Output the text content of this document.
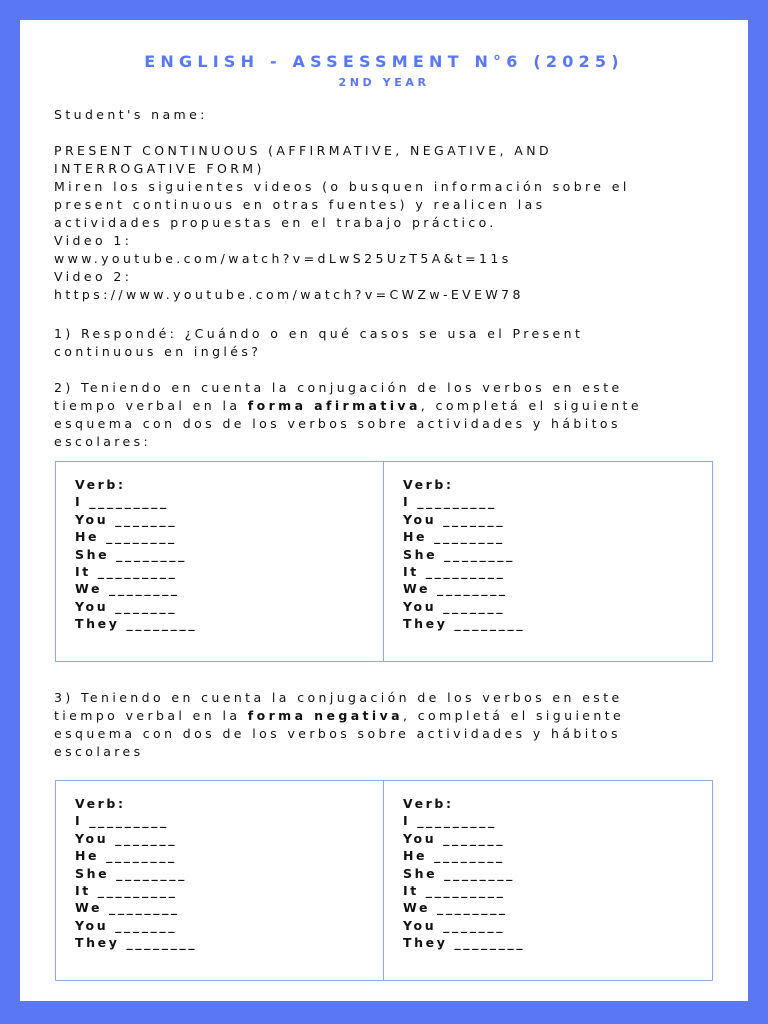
ENGLISH - ASSESSMENT N°6 (2025)
2ND YEAR
Student's name:
PRESENT CONTINUOUS (AFFIRMATIVE, NEGATIVE, AND
INTERROGATIVE FORM)
Miren los siguientes videos (o busquen información sobre el
present continuous en otras fuentes) y realicen las
actividades propuestas en el trabajo práctico.
Video 1:
www.youtube.com/watch?v=dLwS25UzT5A&t=11s
Video 2:
https://www.youtube.com/watch?v=CWZw-EVEW78
1) Respondé: ¿Cuándo o en qué casos se usa el Present
continuous en inglés?
2) Teniendo en cuenta la conjugación de los verbos en este
tiempo verbal en la forma afirmativa, completá el siguiente
esquema con dos de los verbos sobre actividades y hábitos
escolares:
Verb:
I _________
You _______
He ________
She ________
It _________
We ________
You _______
They ________
Verb:
I _________
You _______
He ________
She ________
It _________
We ________
You _______
They ________
3) Teniendo en cuenta la conjugación de los verbos en este
tiempo verbal en la forma negativa, completá el siguiente
esquema con dos de los verbos sobre actividades y hábitos
escolares
Verb:
I _________
You _______
He ________
She ________
It _________
We ________
You _______
They ________
Verb:
I _________
You _______
He ________
She ________
It _________
We ________
You _______
They ________
